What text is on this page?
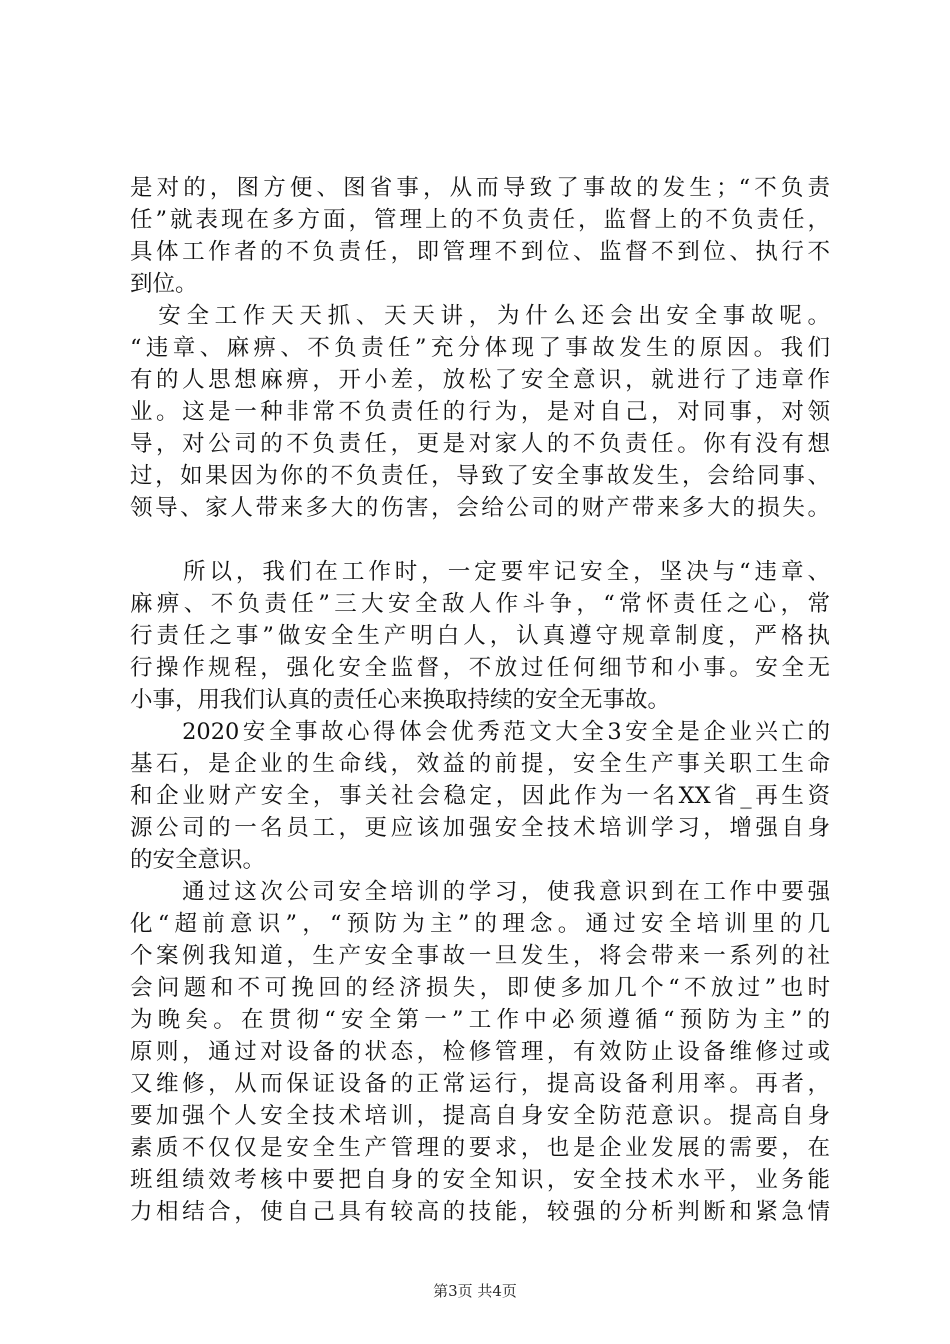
是对的，图方便、图省事，从而导致了事故的发生；“不负责
任”就表现在多方面，管理上的不负责任，监督上的不负责任，
具体工作者的不负责任，即管理不到位、监督不到位、执行不
到位。
　安全工作天天抓、天天讲，为什么还会出安全事故呢。
“违章、麻痹、不负责任”充分体现了事故发生的原因。我们
有的人思想麻痹，开小差，放松了安全意识，就进行了违章作
业。这是一种非常不负责任的行为，是对自己，对同事，对领
导，对公司的不负责任，更是对家人的不负责任。你有没有想
过，如果因为你的不负责任，导致了安全事故发生，会给同事、
领导、家人带来多大的伤害，会给公司的财产带来多大的损失。
　　所以，我们在工作时，一定要牢记安全，坚决与“违章、
麻痹、不负责任”三大安全敌人作斗争，“常怀责任之心，常
行责任之事”做安全生产明白人，认真遵守规章制度，严格执
行操作规程，强化安全监督，不放过任何细节和小事。安全无
小事，用我们认真的责任心来换取持续的安全无事故。
　　2020安全事故心得体会优秀范文大全3安全是企业兴亡的
基石，是企业的生命线，效益的前提，安全生产事关职工生命
和企业财产安全，事关社会稳定，因此作为一名XX省_再生资
源公司的一名员工，更应该加强安全技术培训学习，增强自身
的安全意识。
　　通过这次公司安全培训的学习，使我意识到在工作中要强
化“超前意识”，“预防为主”的理念。通过安全培训里的几
个案例我知道，生产安全事故一旦发生，将会带来一系列的社
会问题和不可挽回的经济损失，即使多加几个“不放过”也时
为晚矣。在贯彻“安全第一”工作中必须遵循“预防为主”的
原则，通过对设备的状态，检修管理，有效防止设备维修过或
又维修，从而保证设备的正常运行，提高设备利用率。再者，
要加强个人安全技术培训，提高自身安全防范意识。提高自身
素质不仅仅是安全生产管理的要求，也是企业发展的需要，在
班组绩效考核中要把自身的安全知识，安全技术水平，业务能
力相结合，使自己具有较高的技能，较强的分析判断和紧急情
第3页 共4页
